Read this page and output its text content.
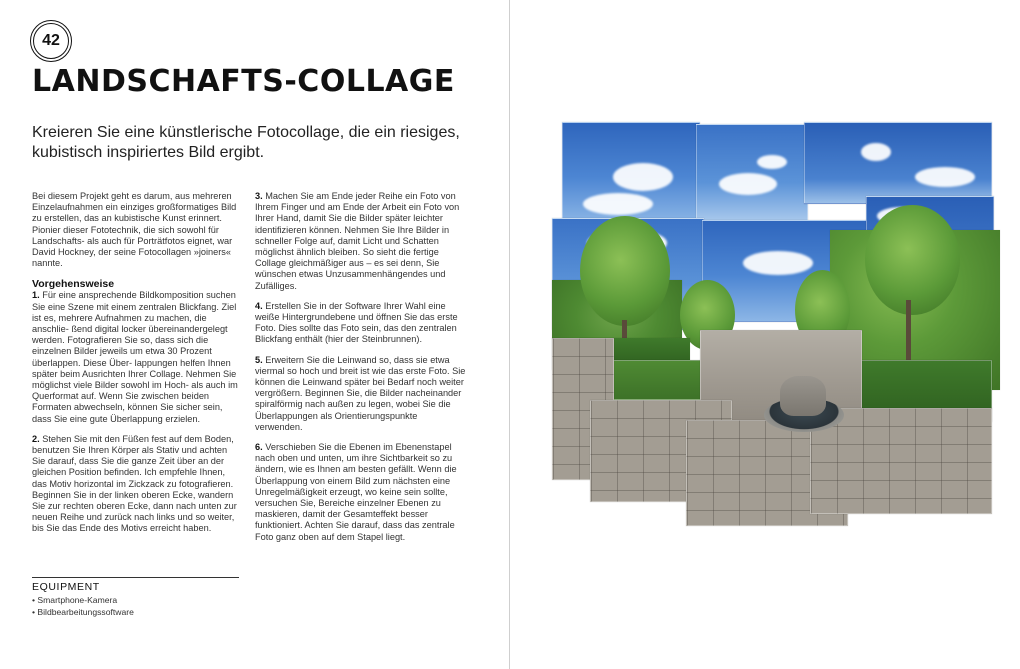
42
LANDSCHAFTS-COLLAGE
Kreieren Sie eine künstlerische Fotocollage, die ein riesiges, kubistisch inspiriertes Bild ergibt.

Bei diesem Projekt geht es darum, aus mehreren Einzelaufnahmen ein einziges großformatiges Bild zu erstellen, das an kubistische Kunst erinnert. Pionier dieser Fototechnik, die sich sowohl für Landschafts- als auch für Porträtfotos eignet, war David Hockney, der seine Fotocollagen »joiners« nannte.

Vorgehensweise
1. Für eine ansprechende Bildkomposition suchen Sie eine Szene mit einem zentralen Blickfang. Ziel ist es, mehrere Aufnahmen zu machen, die anschlie- ßend digital locker übereinandergelegt werden. Fotografieren Sie so, dass sich die einzelnen Bilder jeweils um etwa 30 Prozent überlappen. Diese Über- lappungen helfen Ihnen später beim Ausrichten Ihrer Collage. Nehmen Sie möglichst viele Bilder sowohl im Hoch- als auch im Querformat auf. Wenn Sie zwischen beiden Formaten abwechseln, können Sie sicher sein, dass Sie eine gute Überlappung erzielen.

2. Stehen Sie mit den Füßen fest auf dem Boden, benutzen Sie Ihren Körper als Stativ und achten Sie darauf, dass Sie die ganze Zeit über an der gleichen Position befinden. Ich empfehle Ihnen, das Motiv horizontal im Zickzack zu fotografieren. Beginnen Sie in der linken oberen Ecke, wandern Sie zur rechten oberen Ecke, dann nach unten zur neuen Reihe und zurück nach links und so weiter, bis Sie das Ende des Motivs erreicht haben.

3. Machen Sie am Ende jeder Reihe ein Foto von Ihrem Finger und am Ende der Arbeit ein Foto von Ihrer Hand, damit Sie die Bilder später leichter identifizieren können. Nehmen Sie Ihre Bilder in schneller Folge auf, damit Licht und Schatten möglichst ähnlich bleiben. So sieht die fertige Collage gleichmäßiger aus – es sei denn, Sie wünschen etwas Unzusammenhängendes und Zufälliges.

4. Erstellen Sie in der Software Ihrer Wahl eine weiße Hintergrundebene und öffnen Sie das erste Foto. Dies sollte das Foto sein, das den zentralen Blickfang enthält (hier der Steinbrunnen).

5. Erweitern Sie die Leinwand so, dass sie etwa viermal so hoch und breit ist wie das erste Foto. Sie können die Leinwand später bei Bedarf noch weiter vergrößern. Beginnen Sie, die Bilder nacheinander spiralförmig nach außen zu legen, wobei Sie die Überlappungen als Orientierungspunkte verwenden.

6. Verschieben Sie die Ebenen im Ebenenstapel nach oben und unten, um ihre Sichtbarkeit so zu ändern, wie es Ihnen am besten gefällt. Wenn die Überlappung von einem Bild zum nächsten eine Unregelmäßigkeit erzeugt, wo keine sein sollte, versuchen Sie, Bereiche einzelner Ebenen zu maskieren, damit der Gesamteffekt besser funktioniert. Achten Sie darauf, dass das zentrale Foto ganz oben auf dem Stapel liegt.

EQUIPMENT
• Smartphone-Kamera
• Bildbearbeitungssoftware
